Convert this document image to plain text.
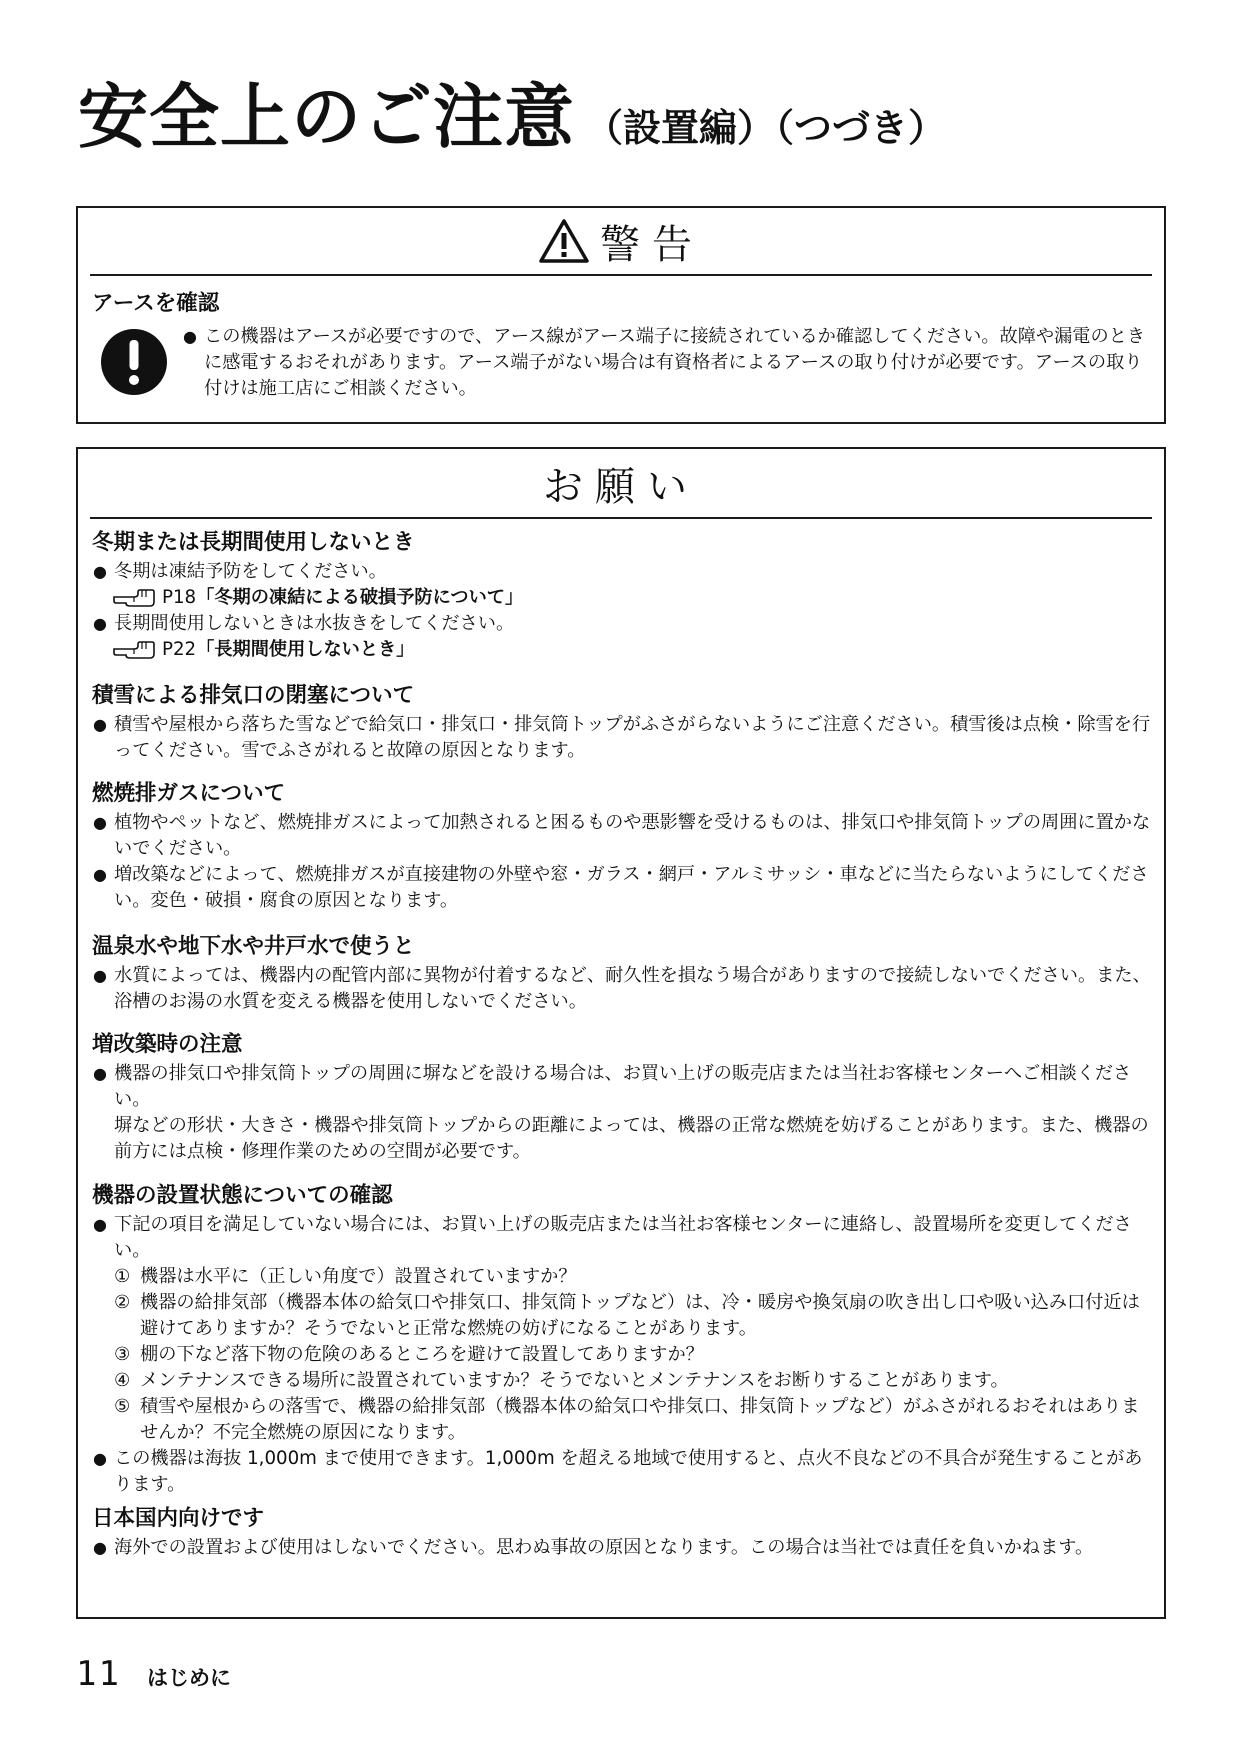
安全上のご注意 （設置編）（つづき）
警告
アースを確認
● この機器はアースが必要ですので、アース線がアース端子に接続されているか確認してください。故障や漏電のときに感電するおそれがあります。アース端子がない場合は有資格者によるアースの取り付けが必要です。アースの取り付けは施工店にご相談ください。
お願い
冬期または長期間使用しないとき
● 冬期は凍結予防をしてください。
P18 「冬期の凍結による破損予防について」
● 長期間使用しないときは水抜きをしてください。
P22 「長期間使用しないとき」
積雪による排気口の閉塞について
● 積雪や屋根から落ちた雪などで給気口・排気口・排気筒トップがふさがらないようにご注意ください。積雪後は点検・除雪を行ってください。雪でふさがれると故障の原因となります。
燃焼排ガスについて
● 植物やペットなど、燃焼排ガスによって加熱されると困るものや悪影響を受けるものは、排気口や排気筒トップの周囲に置かないでください。
● 増改築などによって、燃焼排ガスが直接建物の外壁や窓・ガラス・網戸・アルミサッシ・車などに当たらないようにしてください。変色・破損・腐食の原因となります。
温泉水や地下水や井戸水で使うと
● 水質によっては、機器内の配管内部に異物が付着するなど、耐久性を損なう場合がありますので接続しないでください。また、浴槽のお湯の水質を変える機器を使用しないでください。
増改築時の注意
● 機器の排気口や排気筒トップの周囲に塀などを設ける場合は、お買い上げの販売店または当社お客様センターへご相談ください。
塀などの形状・大きさ・機器や排気筒トップからの距離によっては、機器の正常な燃焼を妨げることがあります。また、機器の前方には点検・修理作業のための空間が必要です。
機器の設置状態についての確認
● 下記の項目を満足していない場合には、お買い上げの販売店または当社お客様センターに連絡し、設置場所を変更してください。
① 機器は水平に（正しい角度で）設置されていますか？
② 機器の給排気部（機器本体の給気口や排気口、排気筒トップなど）は、冷・暖房や換気扇の吹き出し口や吸い込み口付近は避けてありますか？そうでないと正常な燃焼の妨げになることがあります。
③ 棚の下など落下物の危険のあるところを避けて設置してありますか？
④ メンテナンスできる場所に設置されていますか？そうでないとメンテナンスをお断りすることがあります。
⑤ 積雪や屋根からの落雪で、機器の給排気部（機器本体の給気口や排気口、排気筒トップなど）がふさがれるおそれはありませんか？不完全燃焼の原因になります。
● この機器は海抜 1,000m まで使用できます。1,000m を超える地域で使用すると、点火不良などの不具合が発生することがあります。
日本国内向けです
● 海外での設置および使用はしないでください。思わぬ事故の原因となります。この場合は当社では責任を負いかねます。
11 はじめに
